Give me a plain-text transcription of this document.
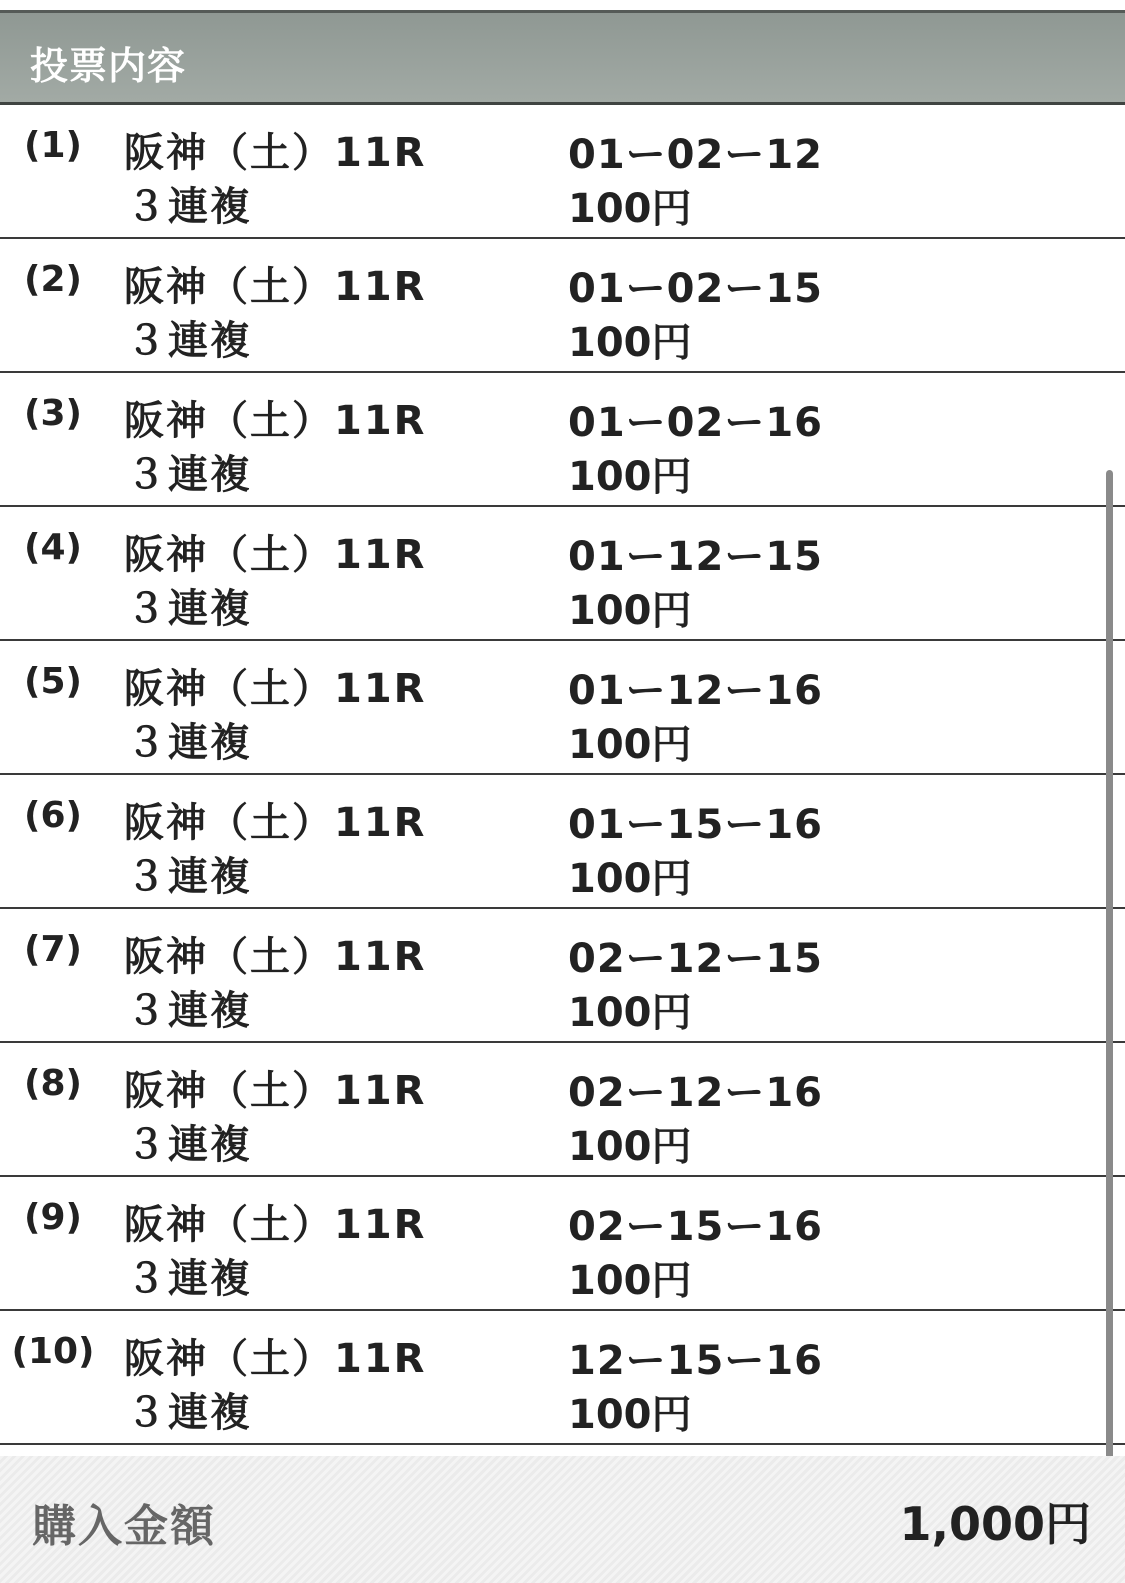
投票内容
(1)	阪神（土）11R
３連複
01ー02ー12
100円
(2)	阪神（土）11R
３連複
01ー02ー15
100円
(3)	阪神（土）11R
３連複
01ー02ー16
100円
(4)	阪神（土）11R
３連複
01ー12ー15
100円
(5)	阪神（土）11R
３連複
01ー12ー16
100円
(6)	阪神（土）11R
３連複
01ー15ー16
100円
(7)	阪神（土）11R
３連複
02ー12ー15
100円
(8)	阪神（土）11R
３連複
02ー12ー16
100円
(9)	阪神（土）11R
３連複
02ー15ー16
100円
(10) 阪神（土）11R
３連複
12ー15ー16
100円
購入金額	1,000円
